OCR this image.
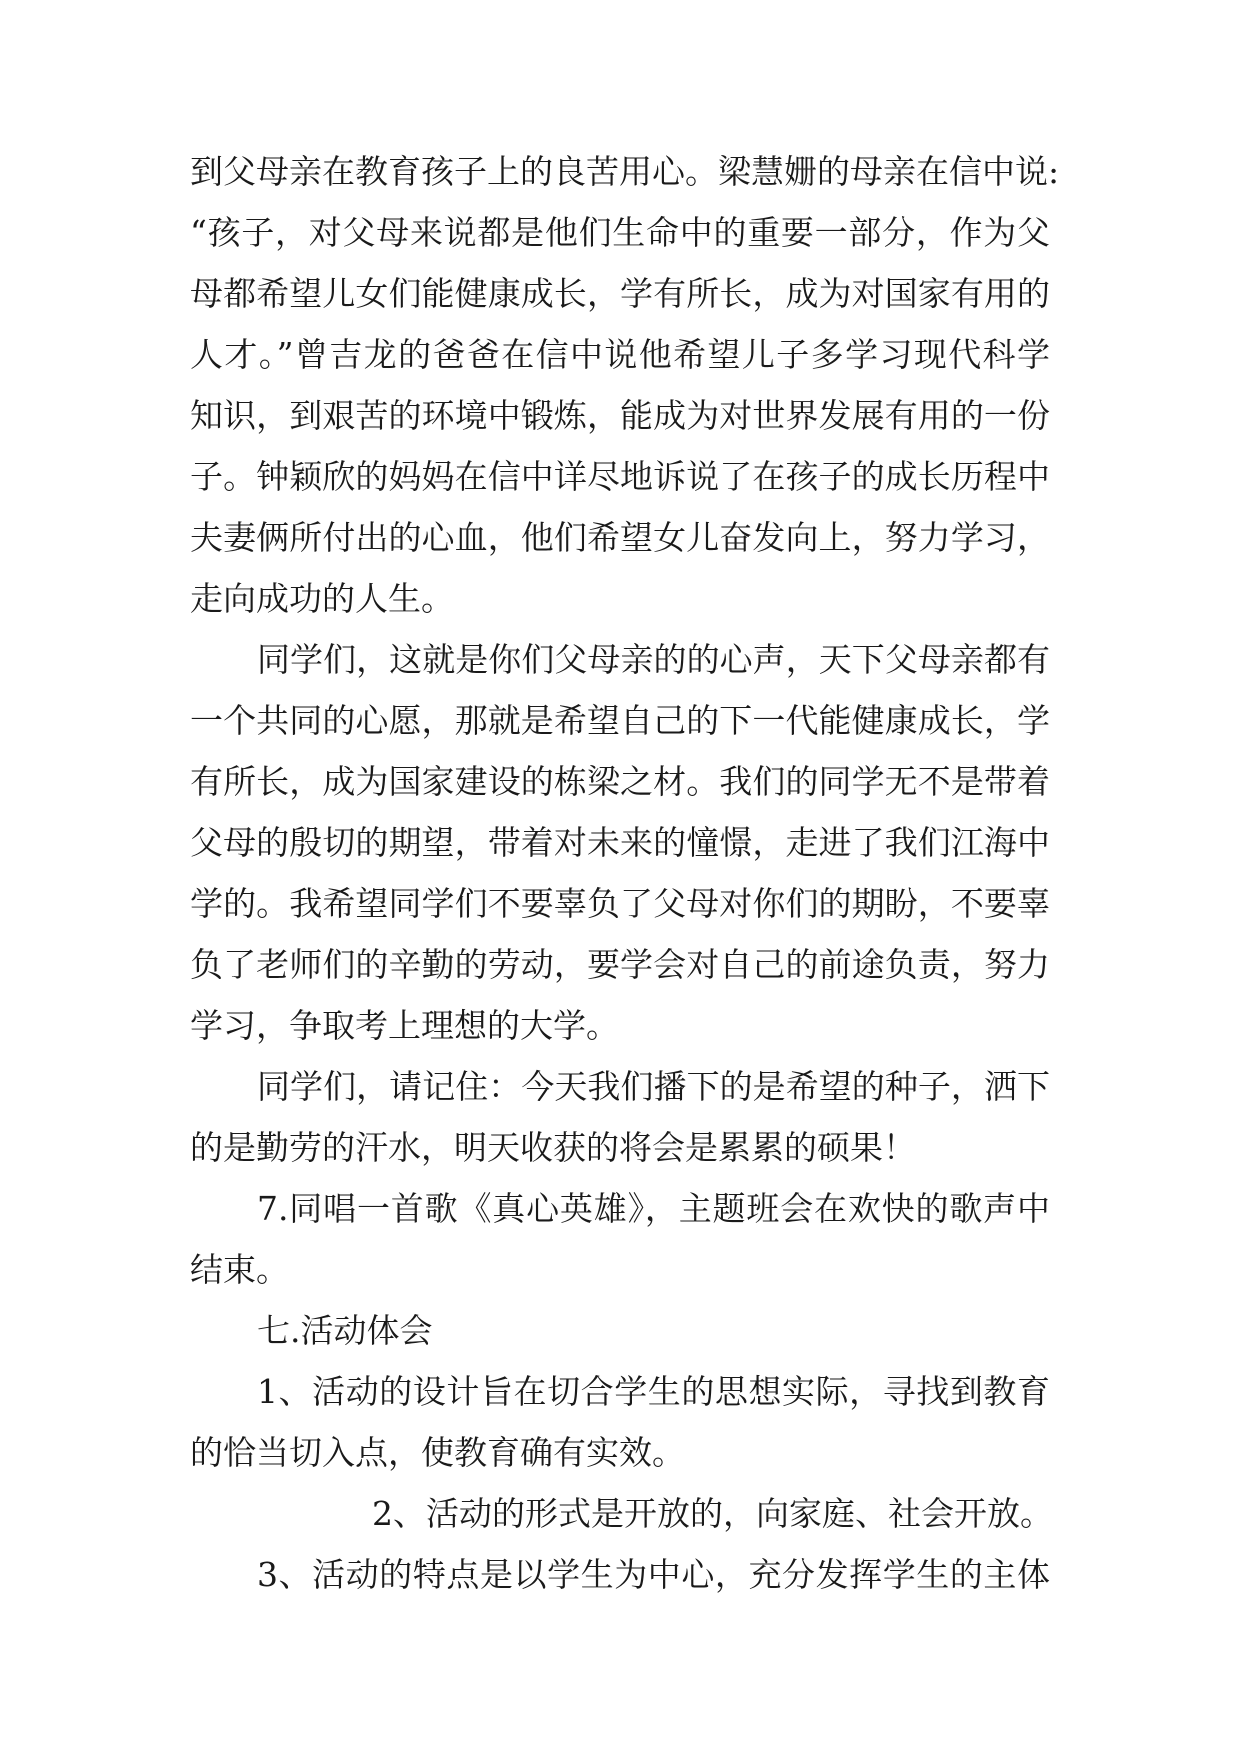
到父母亲在教育孩子上的良苦用心。梁慧姗的母亲在信中说:
“孩子，对父母来说都是他们生命中的重要一部分，作为父
母都希望儿女们能健康成长，学有所长，成为对国家有用的
人才。”曾吉龙的爸爸在信中说他希望儿子多学习现代科学
知识，到艰苦的环境中锻炼，能成为对世界发展有用的一份
子。钟颖欣的妈妈在信中详尽地诉说了在孩子的成长历程中
夫妻俩所付出的心血，他们希望女儿奋发向上，努力学习，
走向成功的人生。
同学们，这就是你们父母亲的的心声，天下父母亲都有
一个共同的心愿，那就是希望自己的下一代能健康成长，学
有所长，成为国家建设的栋梁之材。我们的同学无不是带着
父母的殷切的期望，带着对未来的憧憬，走进了我们江海中
学的。我希望同学们不要辜负了父母对你们的期盼，不要辜
负了老师们的辛勤的劳动，要学会对自己的前途负责，努力
学习，争取考上理想的大学。
同学们，请记住：今天我们播下的是希望的种子，洒下
的是勤劳的汗水，明天收获的将会是累累的硕果！
7.同唱一首歌《真心英雄》，主题班会在欢快的歌声中
结束。
七.活动体会
1、活动的设计旨在切合学生的思想实际，寻找到教育
的恰当切入点，使教育确有实效。
2、活动的形式是开放的，向家庭、社会开放。
3、活动的特点是以学生为中心，充分发挥学生的主体
